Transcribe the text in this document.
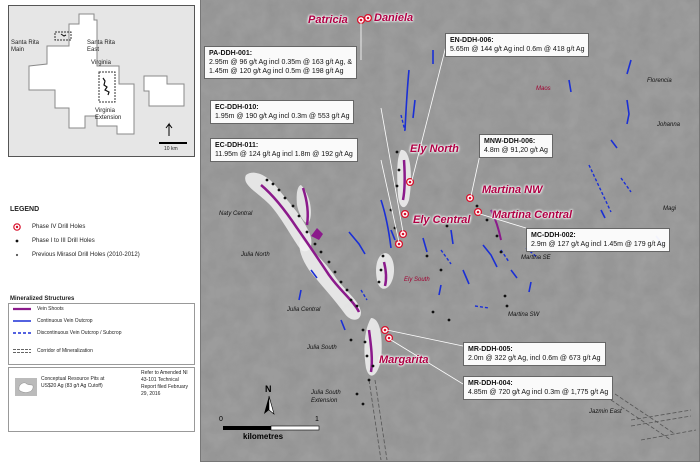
Santa Rita Main
Santa Rita East
Virginia
Virginia Extension
10 km
LEGEND
Phase IV Drill Holes
Phase I to III Drill Holes
Previous Mirasol Drill Holes (2010-2012)
Mineralized Structures
Vein Shoots
Continuous Vein Outcrop
Discontinuous Vein Outcrop / Subcrop
Corridor of Mineralization
Conceptual Resource Pits at US$20 Ag (83 g/t Ag Cutoff)
Refer to Amended NI 43-101 Technical Report filed February 29, 2016
PA-DDH-001:
2.95m @ 96 g/t Ag incl 0.35m @ 163 g/t Ag, &
1.45m @ 120 g/t Ag incl 0.5m @ 198 g/t Ag
EN-DDH-006:
5.65m @ 144 g/t Ag incl 0.6m @ 418 g/t Ag
EC-DDH-010:
1.95m @ 190 g/t Ag incl 0.3m @ 553 g/t Ag
EC-DDH-011:
11.95m @ 124 g/t Ag incl 1.8m @ 192 g/t Ag
MNW-DDH-006:
4.8m @ 91,20 g/t Ag
MC-DDH-002:
2.9m @ 127 g/t Ag incl 1.45m @ 179 g/t Ag
MR-DDH-005:
2.0m @ 322 g/t Ag, incl 0.6m @ 673 g/t Ag
MR-DDH-004:
4.85m @ 720 g/t Ag incl 0.3m @ 1,775 g/t Ag
Patricia Daniela
Ely North
Ely Central
Martina NW
Martina Central
Margarita
Naty Central
Julia North
Julia Central
Julia South
Julia South Extension
Florencia
Johanna
Magi
Martina SE
Martina SW
Jazmin East
Maos
Ely South
N
0	1
kilometres
